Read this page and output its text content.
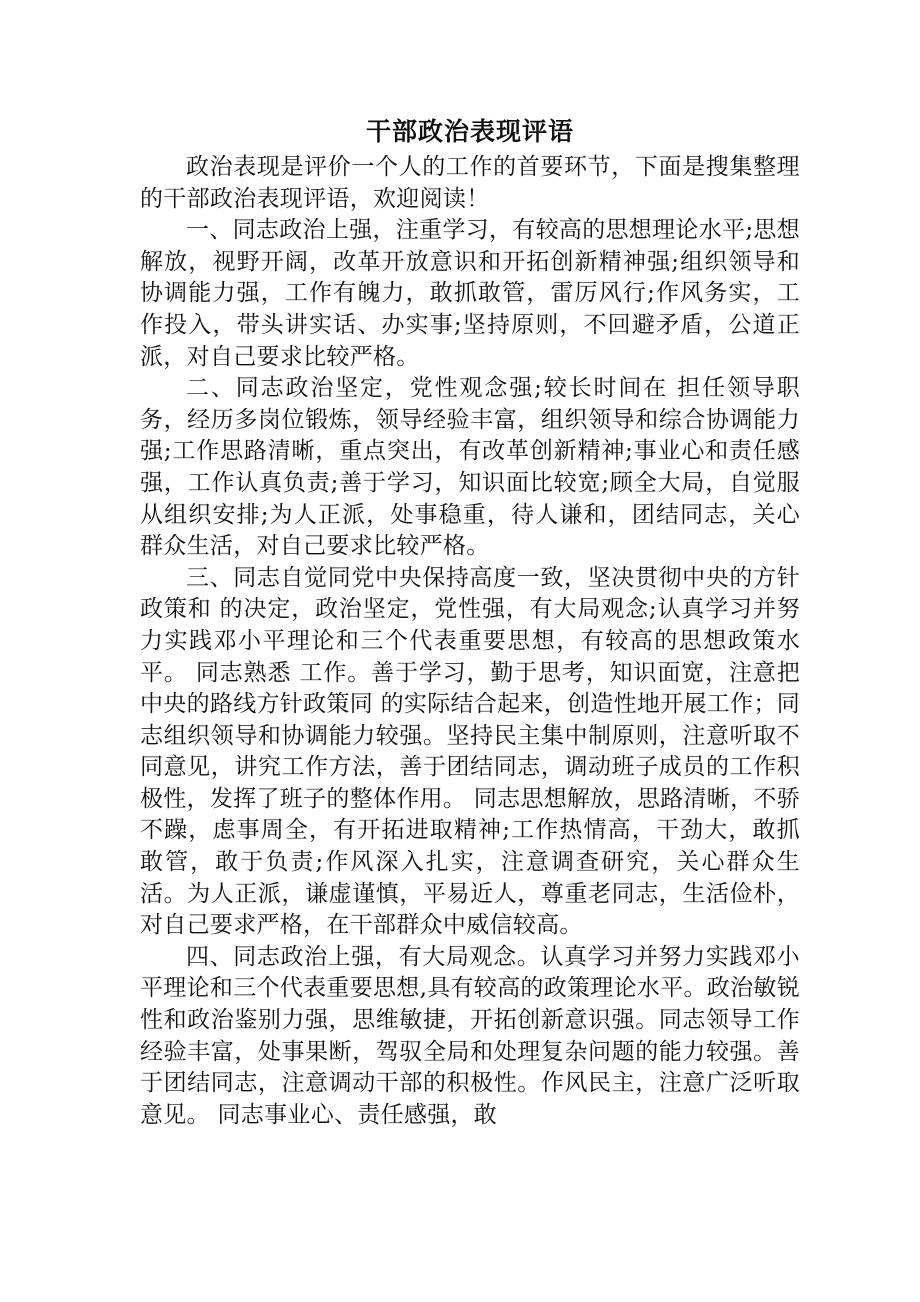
干部政治表现评语

政治表现是评价一个人的工作的首要环节，下面是搜集整理的干部政治表现评语，欢迎阅读！

一、同志政治上强，注重学习，有较高的思想理论水平;思想解放，视野开阔，改革开放意识和开拓创新精神强;组织领导和协调能力强，工作有魄力，敢抓敢管，雷厉风行;作风务实，工作投入，带头讲实话、办实事;坚持原则，不回避矛盾，公道正派，对自己要求比较严格。

二、同志政治坚定，党性观念强;较长时间在 担任领导职务，经历多岗位锻炼，领导经验丰富，组织领导和综合协调能力强;工作思路清晰，重点突出，有改革创新精神;事业心和责任感强，工作认真负责;善于学习，知识面比较宽;顾全大局，自觉服从组织安排;为人正派，处事稳重，待人谦和，团结同志，关心群众生活，对自己要求比较严格。

三、同志自觉同党中央保持高度一致，坚决贯彻中央的方针政策和 的决定，政治坚定，党性强，有大局观念;认真学习并努力实践邓小平理论和三个代表重要思想，有较高的思想政策水平。 同志熟悉 工作。善于学习，勤于思考，知识面宽，注意把中央的路线方针政策同 的实际结合起来，创造性地开展工作；同志组织领导和协调能力较强。坚持民主集中制原则，注意听取不同意见，讲究工作方法，善于团结同志，调动班子成员的工作积极性，发挥了班子的整体作用。 同志思想解放，思路清晰，不骄不躁，虑事周全，有开拓进取精神;工作热情高，干劲大，敢抓敢管，敢于负责;作风深入扎实，注意调查研究，关心群众生活。为人正派，谦虚谨慎，平易近人，尊重老同志，生活俭朴，对自己要求严格，在干部群众中威信较高。

四、同志政治上强，有大局观念。认真学习并努力实践邓小平理论和三个代表重要思想,具有较高的政策理论水平。政治敏锐性和政治鉴别力强，思维敏捷，开拓创新意识强。同志领导工作经验丰富，处事果断，驾驭全局和处理复杂问题的能力较强。善于团结同志，注意调动干部的积极性。作风民主，注意广泛听取意见。 同志事业心、责任感强，敢
